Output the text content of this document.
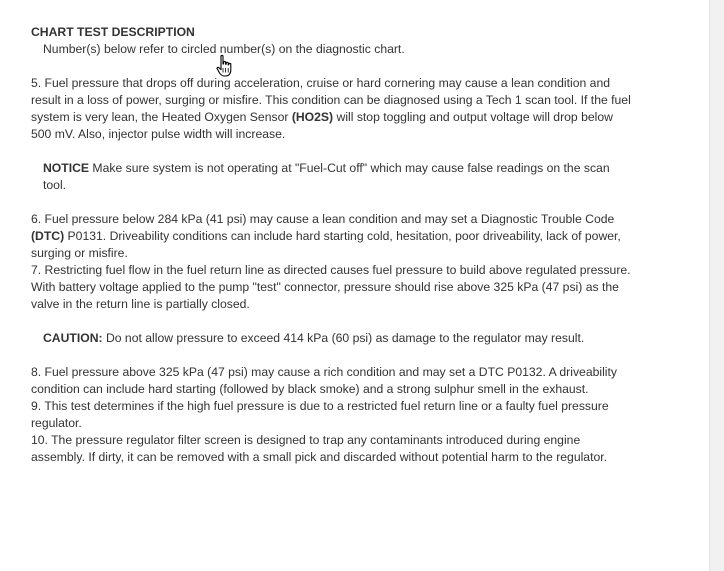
CHART TEST DESCRIPTION

Number(s) below refer to circled number(s) on the diagnostic chart.

5. Fuel pressure that drops off during acceleration, cruise or hard cornering may cause a lean condition and result in a loss of power, surging or misfire. This condition can be diagnosed using a Tech 1 scan tool. If the fuel system is very lean, the Heated Oxygen Sensor (HO2S) will stop toggling and output voltage will drop below 500 mV. Also, injector pulse width will increase.

NOTICE Make sure system is not operating at "Fuel-Cut off" which may cause false readings on the scan tool.

6. Fuel pressure below 284 kPa (41 psi) may cause a lean condition and may set a Diagnostic Trouble Code (DTC) P0131. Driveability conditions can include hard starting cold, hesitation, poor driveability, lack of power, surging or misfire.

7. Restricting fuel flow in the fuel return line as directed causes fuel pressure to build above regulated pressure. With battery voltage applied to the pump "test" connector, pressure should rise above 325 kPa (47 psi) as the valve in the return line is partially closed.

CAUTION: Do not allow pressure to exceed 414 kPa (60 psi) as damage to the regulator may result.

8. Fuel pressure above 325 kPa (47 psi) may cause a rich condition and may set a DTC P0132. A driveability condition can include hard starting (followed by black smoke) and a strong sulphur smell in the exhaust.

9. This test determines if the high fuel pressure is due to a restricted fuel return line or a faulty fuel pressure regulator.

10. The pressure regulator filter screen is designed to trap any contaminants introduced during engine assembly. If dirty, it can be removed with a small pick and discarded without potential harm to the regulator.
